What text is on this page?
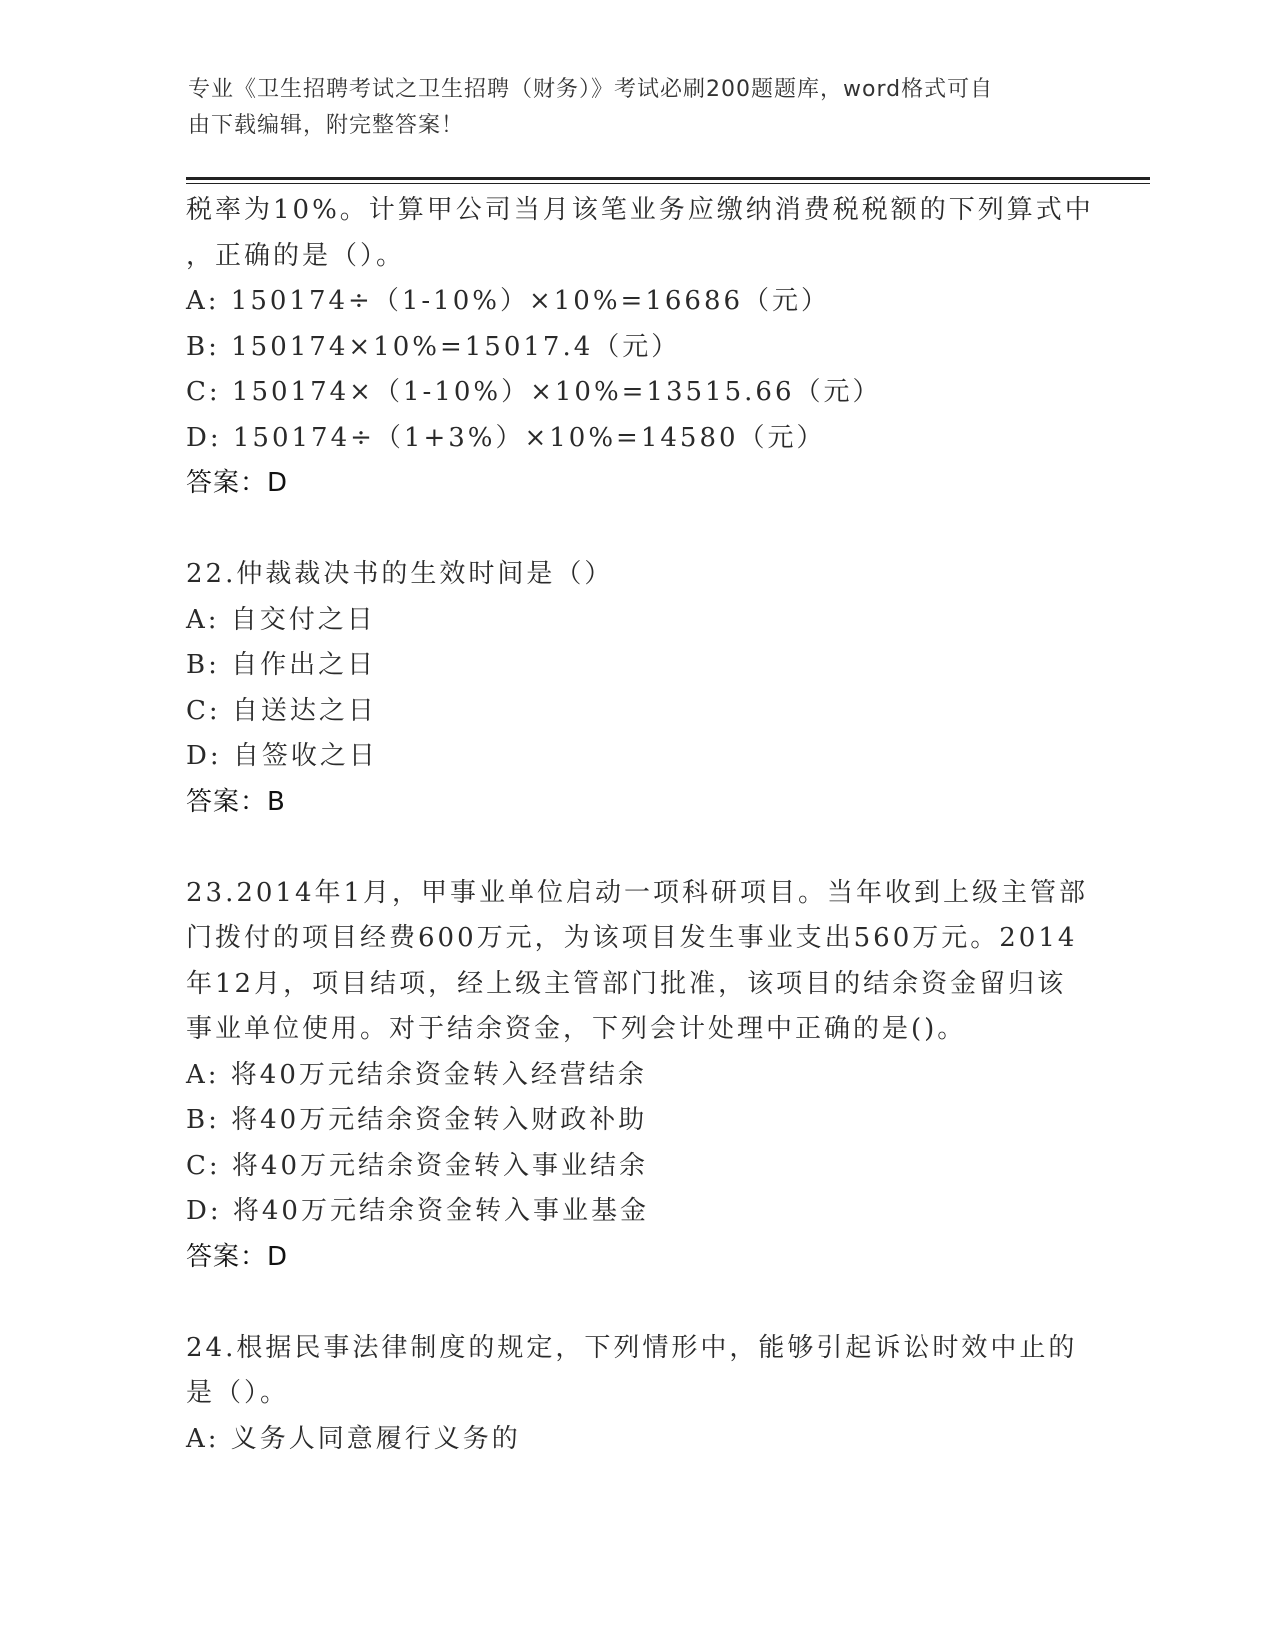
专业《卫生招聘考试之卫生招聘（财务）》考试必刷200题题库，word格式可自
由下载编辑，附完整答案！
税率为10%。计算甲公司当月该笔业务应缴纳消费税税额的下列算式中
，正确的是（）。
A: 150174÷（1-10%）×10%=16686（元）
B: 150174×10%=15017.4（元）
C: 150174×（1-10%）×10%=13515.66（元）
D: 150174÷（1+3%）×10%=14580（元）
答案：D
22.仲裁裁决书的生效时间是（）
A: 自交付之日
B: 自作出之日
C: 自送达之日
D: 自签收之日
答案：B
23.2014年1月，甲事业单位启动一项科研项目。当年收到上级主管部
门拨付的项目经费600万元，为该项目发生事业支出560万元。2014
年12月，项目结项，经上级主管部门批准，该项目的结余资金留归该
事业单位使用。对于结余资金，下列会计处理中正确的是()。
A: 将40万元结余资金转入经营结余
B: 将40万元结余资金转入财政补助
C: 将40万元结余资金转入事业结余
D: 将40万元结余资金转入事业基金
答案：D
24.根据民事法律制度的规定，下列情形中，能够引起诉讼时效中止的
是（）。
A: 义务人同意履行义务的
